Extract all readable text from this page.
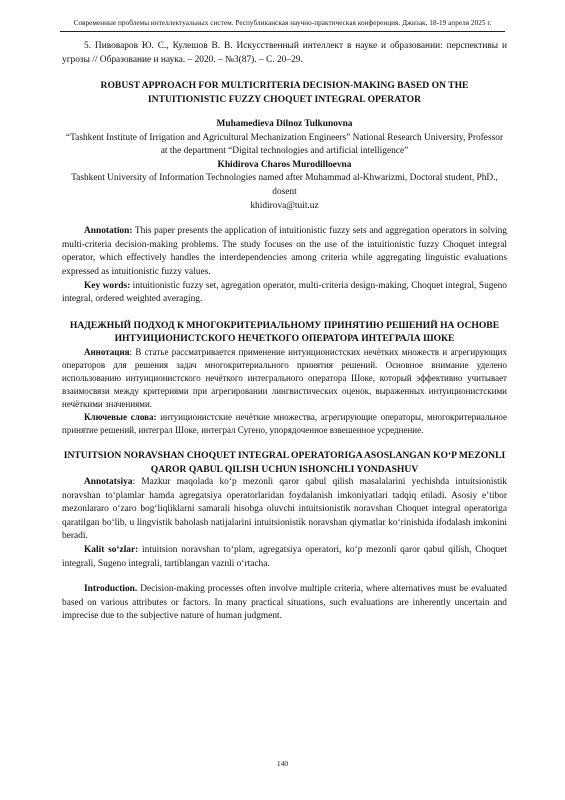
Современные проблемы интеллектуальных систем. Республиканская научно-практическая конференция. Джизак, 18-19 апреля 2025 г.

5. Пивоваров Ю. С., Кулешов В. В. Искусственный интеллект в науке и образовании: перспективы и угрозы // Образование и наука. – 2020. – №3(87). – С. 20–29.

ROBUST APPROACH FOR MULTICRITERIA DECISION-MAKING BASED ON THE INTUITIONISTIC FUZZY CHOQUET INTEGRAL OPERATOR

Muhamedieva Dilnoz Tulkunovna

“Tashkent Institute of Irrigation and Agricultural Mechanization Engineers” National Research University, Professor at the department “Digital technologies and artificial intelligence”

Khidirova Charos Murodilloevna

Tashkent University of Information Technologies named after Muhammad al-Khwarizmi, Doctoral student, PhD., dosent

khidirova@tuit.uz

Annotation: This paper presents the application of intuitionistic fuzzy sets and aggregation operators in solving multi-criteria decision-making problems. The study focuses on the use of the intuitionistic fuzzy Choquet integral operator, which effectively handles the interdependencies among criteria while aggregating linguistic evaluations expressed as intuitionistic fuzzy values.

Key words: intuitionistic fuzzy set, agregation operator, multi-criteria design-making, Choquet integral, Sugeno integral, ordered weighted averaging.

НАДЕЖНЫЙ ПОДХОД К МНОГОКРИТЕРИАЛЬНОМУ ПРИНЯТИЮ РЕШЕНИЙ НА ОСНОВЕ ИНТУИЦИОНИСТСКОГО НЕЧЕТКОГО ОПЕРАТОРА ИНТЕГРАЛА ШОКЕ

Аннотация: В статье рассматривается применение интуиционистских нечётких множеств и агрегирующих операторов для решения задач многокритериального принятия решений. Основное внимание уделено использованию интуиционистского нечёткого интегрального оператора Шоке, который эффективно учитывает взаимосвязи между критериями при агрегировании лингвистических оценок, выраженных интуиционистскими нечёткими значениями.

Ключевые слова: интуиционистские нечёткие множества, агрегирующие операторы, многокритериальное принятие решений, интеграл Шоке, интеграл Сугено, упорядоченное взвешенное усреднение.

INTUITSION NORAVSHAN CHOQUET INTEGRAL OPERATORIGA ASOSLANGAN KOʻP MEZONLI QAROR QABUL QILISH UCHUN ISHONCHLI YONDASHUV

Annotatsiya: Mazkur maqolada koʻp mezonli qaror qabul qilish masalalarini yechishda intuitsionistik noravshan toʻplamlar hamda agregatsiya operatorlaridan foydalanish imkoniyatlari tadqiq etiladi. Asosiy eʼtibor mezonlararo oʻzaro bogʻliqliklarni samarali hisobga oluvchi intuitsionistik noravshan Choquet integral operatoriga qaratilgan boʻlib, u lingvistik baholash natijalarini intuitsionistik noravshan qiymatlar koʻrinishida ifodalash imkonini beradi.

Kalit soʻzlar: intuitsion noravshan toʻplam, agregatsiya operatori, koʻp mezonli qaror qabul qilish, Choquet integrali, Sugeno integrali, tartiblangan vaznli oʻrtacha.

Introduction. Decision-making processes often involve multiple criteria, where alternatives must be evaluated based on various attributes or factors. In many practical situations, such evaluations are inherently uncertain and imprecise due to the subjective nature of human judgment.

140
